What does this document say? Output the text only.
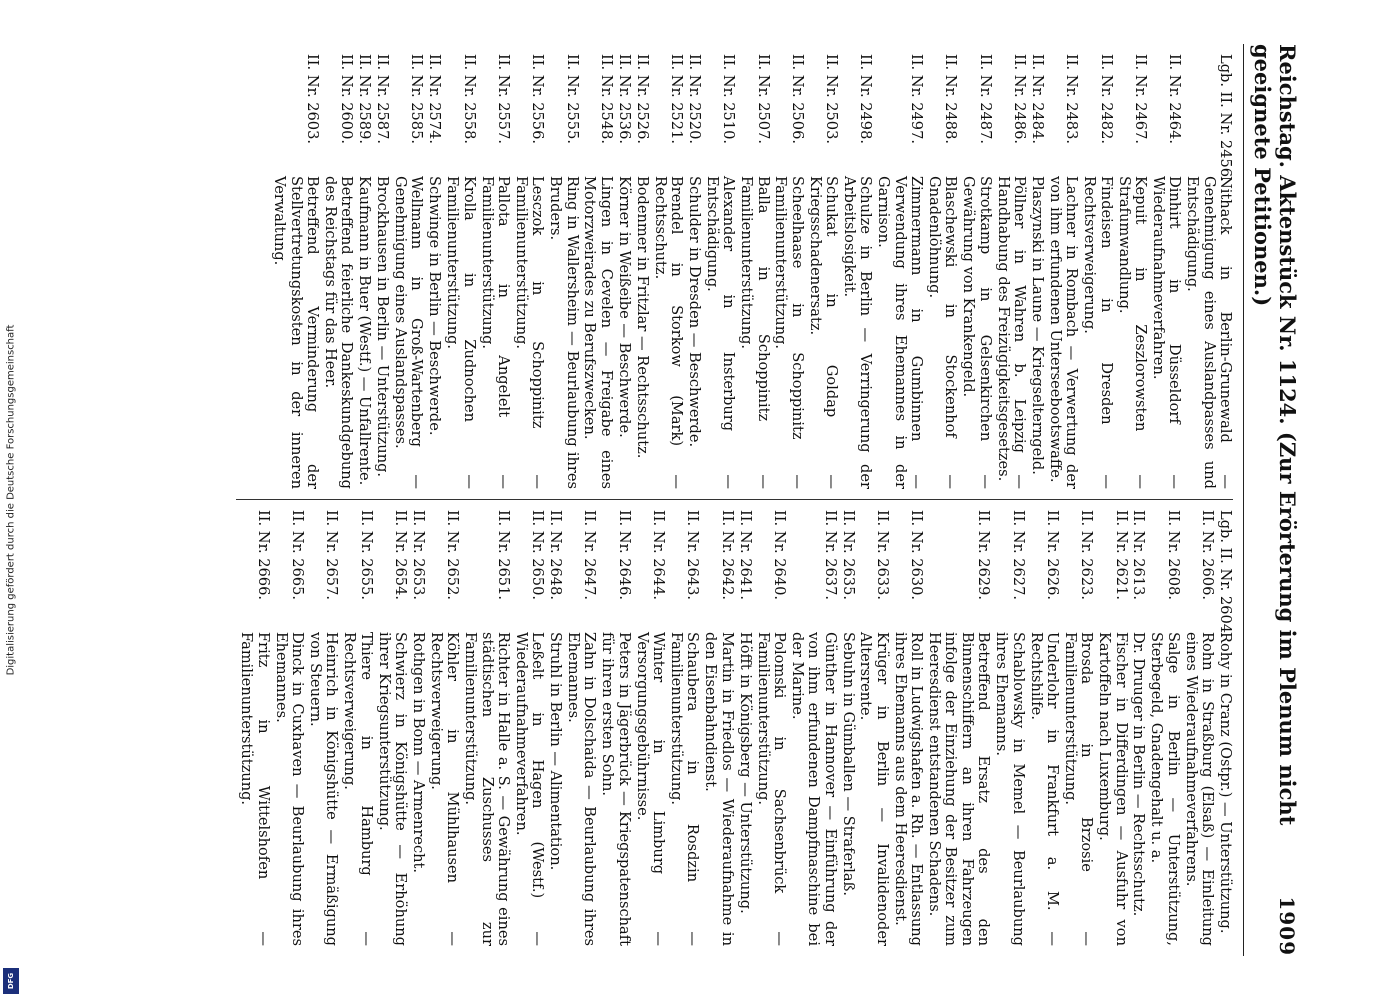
Digitalisierung gefördert durch die Deutsche Forschungsgemeinschaft
DFG
Reichstag. Aktenstück Nr. 1124. (Zur Erörterung im Plenum nicht geeignete Petitionen.)
1909
Lgb. II. Nr. 2456.
Nithack in Berlin-Grunewald — Genehmigung eines Auslandpasses und Entschädigung.
II. Nr. 2464.
Dinhirt in Düsseldorf — Wiederaufnahmeverfahren.
II. Nr. 2467.
Kepuit in Zeszlorowsten — Strafumwandlung.
II. Nr. 2482.
Findeisen in Dresden — Rechtsverweigerung.
II. Nr. 2483.
Lachner in Rombach — Verwertung der von ihm erfundenen Unterseebootswaffe.
II. Nr. 2484.
Plaszynski in Laune — Kriegselterngeld.
II. Nr. 2486.
Pöllner in Wahren b. Leipzig — Handhabung des Freizügigkeitsgesetzes.
II. Nr. 2487.
Strotkamp in Gelsenkirchen — Gewährung von Krankengeld.
II. Nr. 2488.
Blaschewski in Stockenhof — Gnadenlöhnung.
II. Nr. 2497.
Zimmermann in Gumbinnen — Verwendung ihres Ehemannes in der Garnison.
II. Nr. 2498.
Schulze in Berlin — Verringerung der Arbeitslosigkeit.
II. Nr. 2503.
Schukat in Goldap — Kriegsschadenersatz.
II. Nr. 2506.
Scheelhaase in Schoppinitz — Familienunterstützung.
II. Nr. 2507.
Balla in Schoppinitz — Familienunterstützung.
II. Nr. 2510.
Alexander in Insterburg — Entschädigung.
II. Nr. 2520.
Schulder in Dresden — Beschwerde.
II. Nr. 2521.
Brendel in Storkow (Mark) — Rechtsschutz.
II. Nr. 2526.
Bodenmer in Fritzlar — Rechtsschutz.
II. Nr. 2536.
Körner in Weißeibe — Beschwerde.
II. Nr. 2548.
Lingen in Cevelen — Freigabe eines Motorzweirades zu Berufszwecken.
II. Nr. 2555.
Ring in Wallersheim — Beurlaubung ihres Bruders.
II. Nr. 2556.
Lesczok in Schoppinitz — Familienunterstützung.
II. Nr. 2557.
Pallota in Angelelt — Familienunterstützung.
II. Nr. 2558.
Krolla in Zudnochen — Familienunterstützung.
II. Nr. 2574.
Schwinge in Berlin — Beschwerde.
II. Nr. 2585.
Wellmann in Groß-Wartenberg — Genehmigung eines Auslandspasses.
II. Nr. 2587.
Brockhausen in Berlin — Unterstützung.
II. Nr. 2589.
Kaufmann in Buer (Westf.) — Unfallrente.
II. Nr. 2600.
Betreffend feierliche Dankeskundgebung des Reichstags für das Heer.
II. Nr. 2603.
Betreffend Verminderung der Stellvertretungskosten in der inneren Verwaltung.
Lgb. II. Nr. 2604.
Rohy in Cranz (Ostpr.) — Unterstützung.
II. Nr. 2606.
Rohn in Straßburg (Elsaß) — Einleitung eines Wiederaufnahmeverfahrens.
II. Nr. 2608.
Salge in Berlin — Unterstützung, Sterbegeld, Gnadengehalt u. a.
II. Nr. 2613.
Dr. Druuger in Berlin — Rechtsschutz.
II. Nr. 2621.
Fischer in Differdingen — Ausfuhr von Kartoffeln nach Luxemburg.
II. Nr. 2623.
Brosda in Brzosie — Familienunterstützung.
II. Nr. 2626.
Underlohr in Frankfurt a. M. — Rechtshilfe.
II. Nr. 2627.
Schablowsky in Memel — Beurlaubung ihres Ehemanns.
II. Nr. 2629.
Betreffend Ersatz des den Binnenschiffern an ihren Fahrzeugen infolge der Einziehung der Besitzer zum Heeresdienst entstandenen Schadens.
II. Nr. 2630.
Roll in Ludwigshafen a. Rh. — Entlassung ihres Ehemanns aus dem Heeresdienst.
II. Nr. 2633.
Krüger in Berlin — Invalidenoder Altersrente.
II. Nr. 2635.
Sebuhn in Gümballen — Straferlaß.
II. Nr. 2637.
Günther in Hannover — Einführung der von ihm erfundenen Dampfmaschine bei der Marine.
II. Nr. 2640.
Polomski in Sachsenbrück — Familienunterstützung.
II. Nr. 2641.
Höfft in Königsberg — Unterstützung.
II. Nr. 2642.
Martin in Friedlos — Wiederaufnahme in den Eisenbahndienst.
II. Nr. 2643.
Schaubera in Rosdzin — Familienunterstützung.
II. Nr. 2644.
Winter in Limburg — Versorgungsgebührnisse.
II. Nr. 2646.
Peters in Jägerbrück — Kriegspatenschaft für ihren ersten Sohn.
II. Nr. 2647.
Zahn in Dolschaida — Beurlaubung ihres Ehemannes.
II. Nr. 2648.
Struhl in Berlin — Alimentation.
II. Nr. 2650.
Leßelt in Hagen (Westf.) — Wiederaufnahmeverfahren.
II. Nr. 2651.
Richter in Halle a. S. — Gewährung eines städtischen Zuschusses zur Familienunterstützung.
II. Nr. 2652.
Köhler in Mühlhausen — Rechtsverweigerung.
II. Nr. 2653.
Rothgen in Bonn — Armenrecht.
II. Nr. 2654.
Schwierz in Königshütte — Erhöhung ihrer Kriegsunterstützung.
II. Nr. 2655.
Thiere in Hamburg — Rechtsverweigerung.
II. Nr. 2657.
Heinrich in Königshütte — Ermäßigung von Steuern.
II. Nr. 2665.
Dinck in Cuxhaven — Beurlaubung ihres Ehemannes.
II. Nr. 2666.
Fritz in Wittelshofen — Familienunterstützung.
